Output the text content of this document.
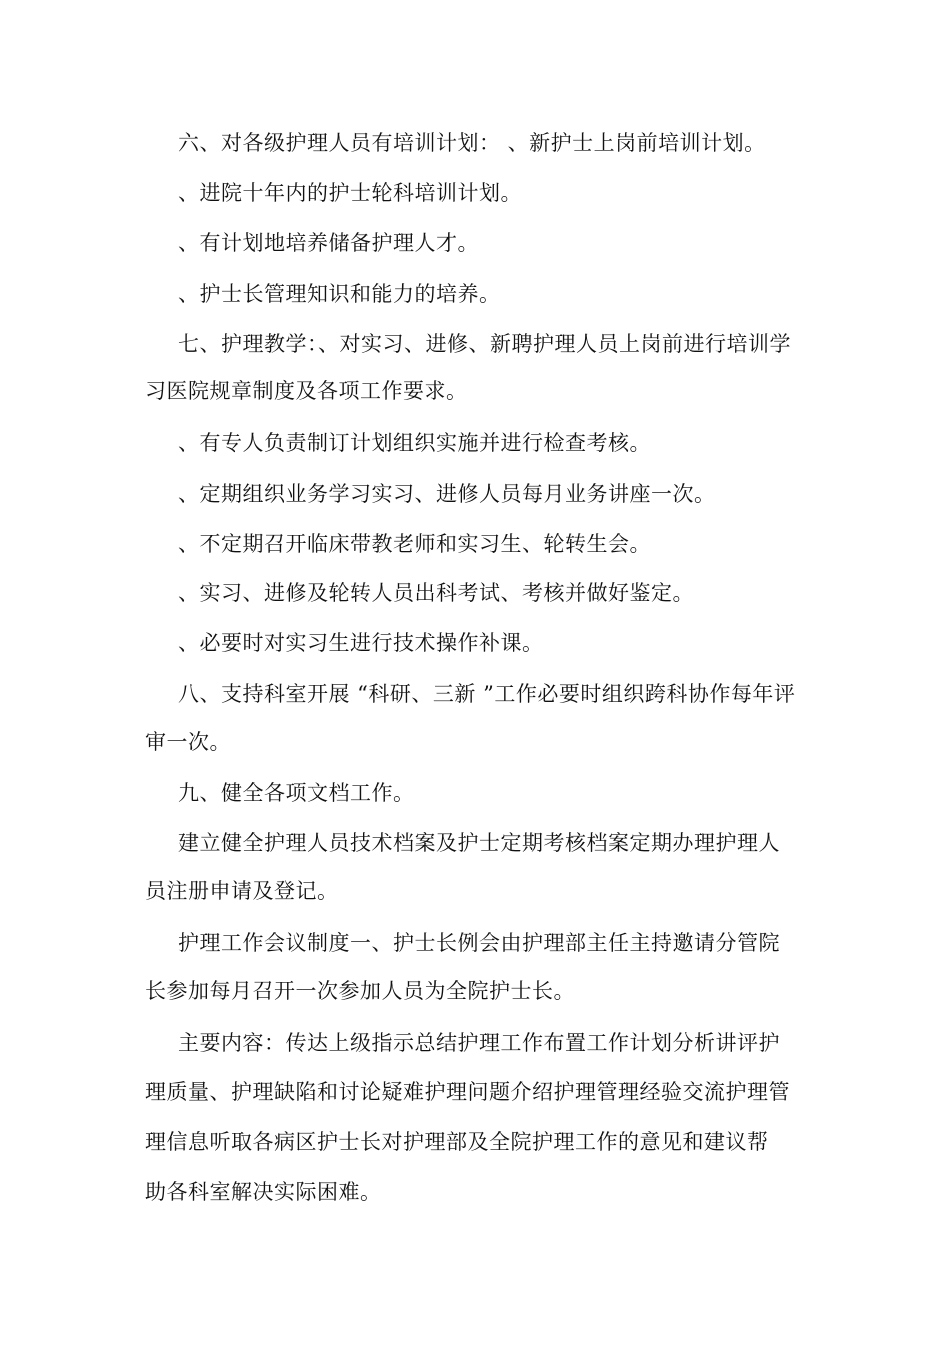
六、对各级护理人员有培训计划： 、新护士上岗前培训计划。
、进院十年内的护士轮科培训计划。
、有计划地培养储备护理人才。
、护士长管理知识和能力的培养。
七、护理教学：、对实习、进修、新聘护理人员上岗前进行培训学
习医院规章制度及各项工作要求。
、有专人负责制订计划组织实施并进行检查考核。
、定期组织业务学习实习、进修人员每月业务讲座一次。
、不定期召开临床带教老师和实习生、轮转生会。
、实习、进修及轮转人员出科考试、考核并做好鉴定。
、必要时对实习生进行技术操作补课。
八、支持科室开展 “科研、三新 ”工作必要时组织跨科协作每年评
审一次。
九、健全各项文档工作。
建立健全护理人员技术档案及护士定期考核档案定期办理护理人
员注册申请及登记。
护理工作会议制度一、护士长例会由护理部主任主持邀请分管院
长参加每月召开一次参加人员为全院护士长。
主要内容：传达上级指示总结护理工作布置工作计划分析讲评护
理质量、护理缺陷和讨论疑难护理问题介绍护理管理经验交流护理管
理信息听取各病区护士长对护理部及全院护理工作的意见和建议帮
助各科室解决实际困难。
